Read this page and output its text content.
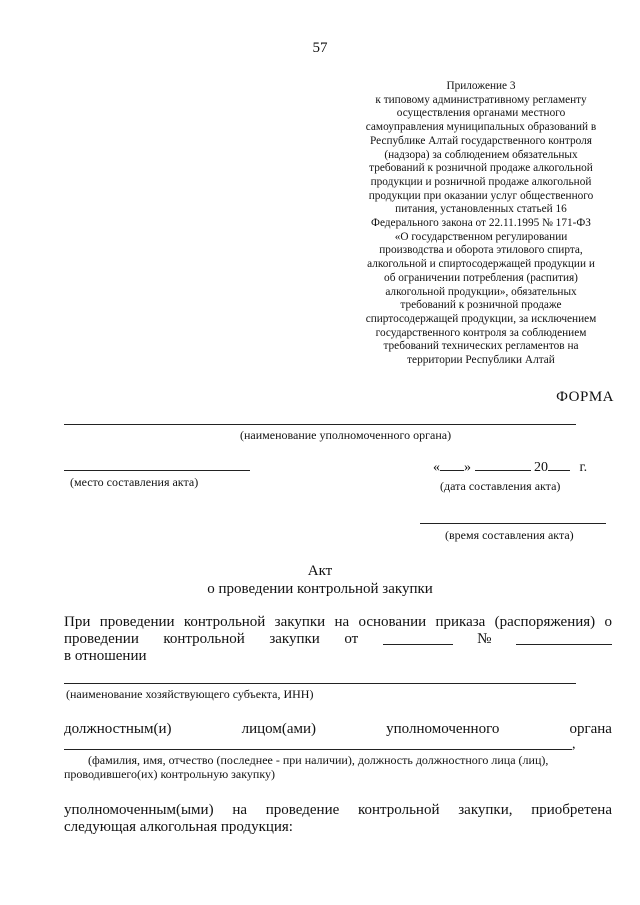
57
Приложение 3
к типовому административному регламенту
осуществления органами местного
самоуправления муниципальных образований в
Республике Алтай государственного контроля
(надзора) за соблюдением обязательных
требований к розничной продаже алкогольной
продукции и розничной продаже алкогольной
продукции при оказании услуг общественного
питания, установленных статьей 16
Федерального закона от 22.11.1995 № 171-ФЗ
«О государственном регулировании
производства и оборота этилового спирта,
алкогольной и спиртосодержащей продукции и
об ограничении потребления (распития)
алкогольной продукции», обязательных
требований к розничной продаже
спиртосодержащей продукции, за исключением
государственного контроля за соблюдением
требований технических регламентов на
территории Республики Алтай
ФОРМА
(наименование уполномоченного органа)
(место составления акта)
« »	20 г.
(дата составления акта)
(время составления акта)
Акт
о проведении контрольной закупки
При проведении контрольной закупки на основании приказа (распоряжения) о
проведении контрольной закупки от	№
в отношении
(наименование хозяйствующего субъекта, ИНН)
должностным(и)	лицом(ами)	уполномоченного	органа
,
(фамилия, имя, отчество (последнее - при наличии), должность должностного лица (лиц),
проводившего(их) контрольную закупку)
уполномоченным(ыми) на проведение контрольной закупки, приобретена
следующая алкогольная продукция:
